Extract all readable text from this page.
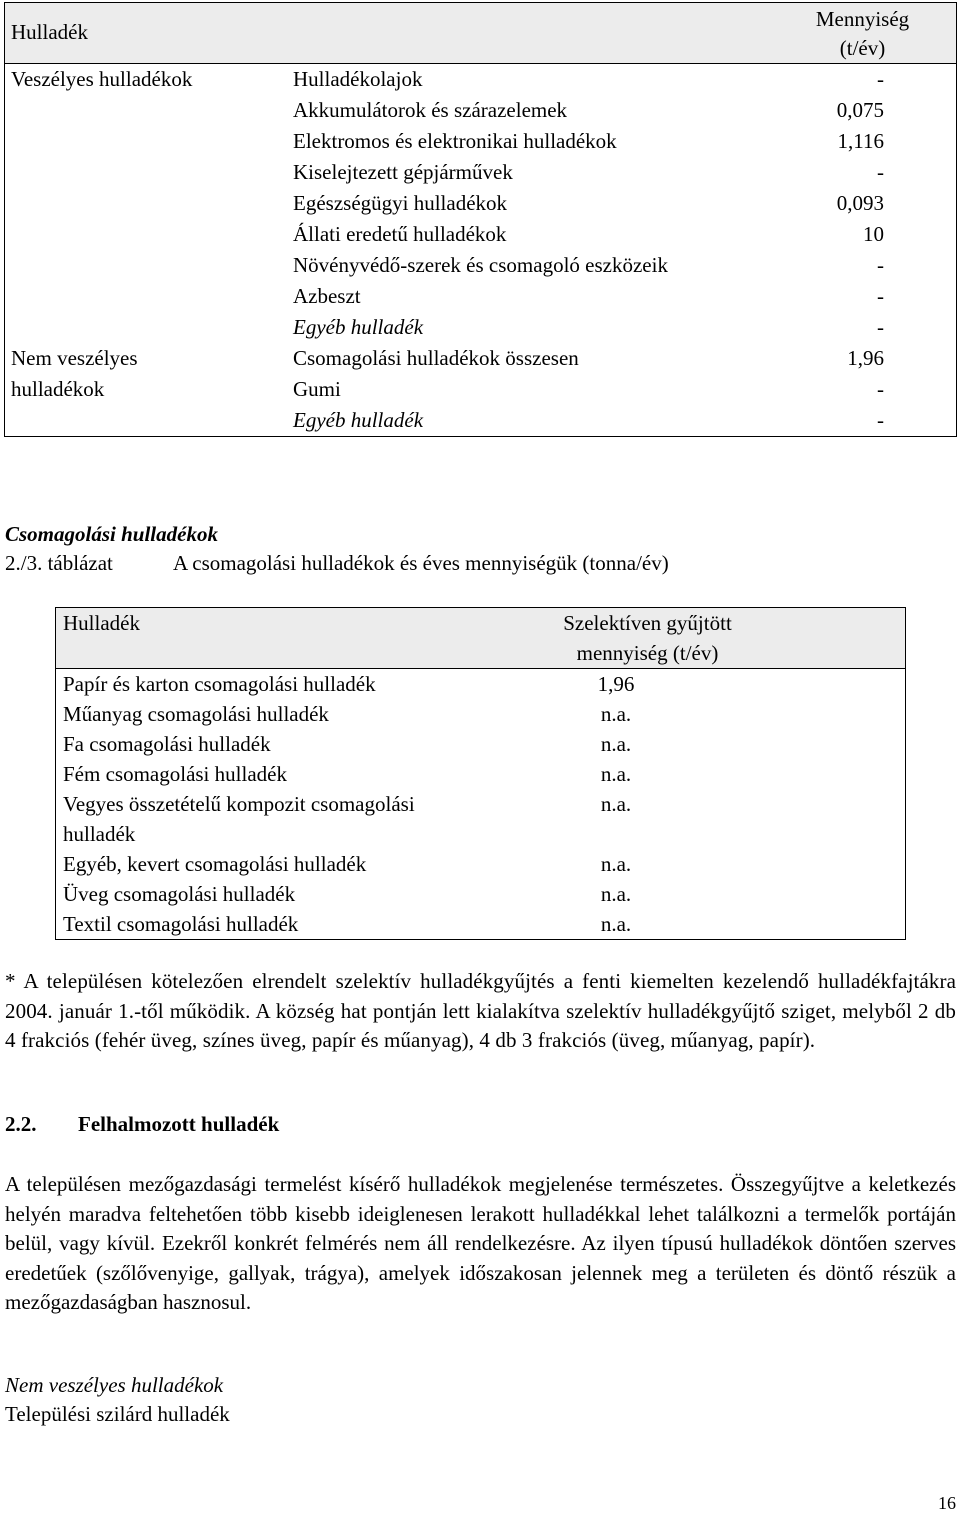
Hulladék		Mennyiség (t/év)

Veszélyes hulladékok	Hulladékolajok	-
	Akkumulátorok és szárazelemek	0,075
	Elektromos és elektronikai hulladékok	1,116
	Kiselejtezett gépjárművek	-
	Egészségügyi hulladékok	0,093
	Állati eredetű hulladékok	10
	Növényvédő-szerek és csomagoló eszközeik	-
	Azbeszt	-
	Egyéb hulladék	-

Nem veszélyes
hulladékok	Csomagolási hulladékok összesen	1,96
	Gumi	-
	Egyéb hulladék	-
Csomagolási hulladékok
2./3. táblázat	A csomagolási hulladékok és éves mennyiségük (tonna/év)
Hulladék	Szelektíven gyűjtött
mennyiség (t/év)

Papír és karton csomagolási hulladék	1,96
Műanyag csomagolási hulladék	n.a.
Fa csomagolási hulladék	n.a.
Fém csomagolási hulladék	n.a.
Vegyes összetételű kompozit csomagolási hulladék	n.a.
Egyéb, kevert csomagolási hulladék	n.a.
Üveg csomagolási hulladék	n.a.
Textil csomagolási hulladék	n.a.
* A településen kötelezően elrendelt szelektív hulladékgyűjtés a fenti kiemelten kezelendő hulladékfajtákra 2004. január 1.-től működik. A község hat pontján lett kialakítva szelektív hulladékgyűjtő sziget, melyből 2 db 4 frakciós (fehér üveg, színes üveg, papír és műanyag), 4 db 3 frakciós (üveg, műanyag, papír).
2.2. Felhalmozott hulladék
A településen mezőgazdasági termelést kísérő hulladékok megjelenése természetes. Összegyűjtve a keletkezés helyén maradva feltehetően több kisebb ideiglenesen lerakott hulladékkal lehet találkozni a termelők portáján belül, vagy kívül. Ezekről konkrét felmérés nem áll rendelkezésre. Az ilyen típusú hulladékok döntően szerves eredetűek (szőlővenyige, gallyak, trágya), amelyek időszakosan jelennek meg a területen és döntő részük a mezőgazdaságban hasznosul.
Nem veszélyes hulladékok
Települési szilárd hulladék
16
